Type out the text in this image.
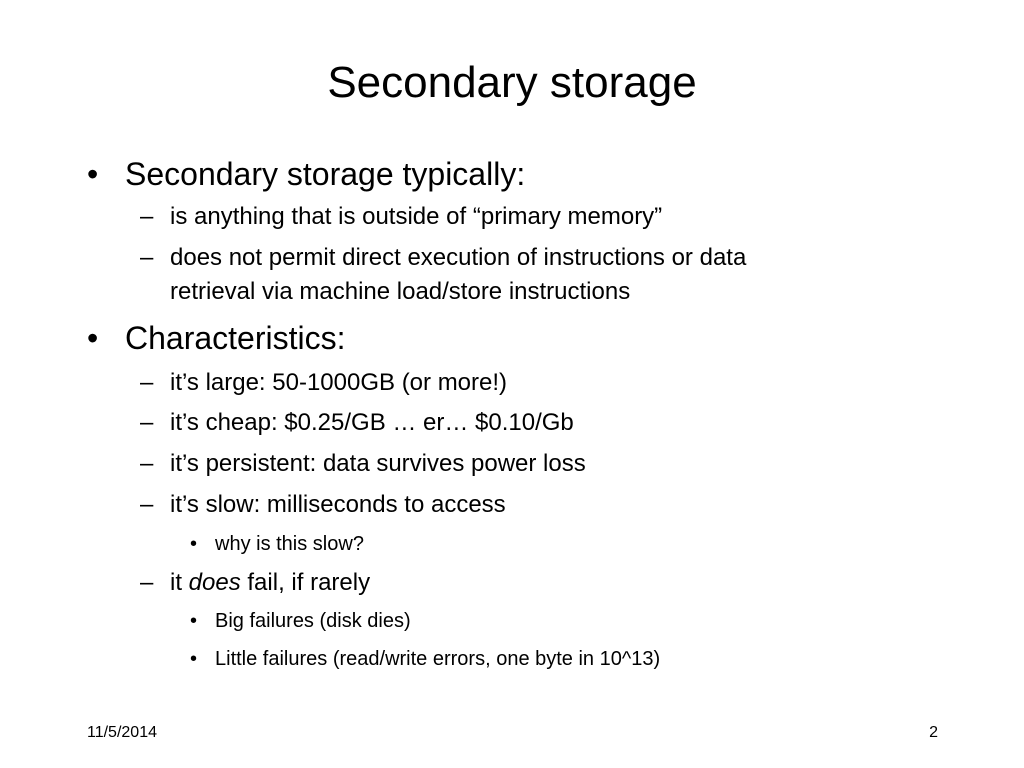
Secondary storage
• Secondary storage typically:
– is anything that is outside of “primary memory”
– does not permit direct execution of instructions or data
retrieval via machine load/store instructions
• Characteristics:
– it’s large: 50-1000GB (or more!)
– it’s cheap: $0.25/GB … er… $0.10/Gb
– it’s persistent: data survives power loss
– it’s slow: milliseconds to access
• why is this slow?
– it does fail, if rarely
• Big failures (disk dies)
• Little failures (read/write errors, one byte in 10^13)
11/5/2014	2
